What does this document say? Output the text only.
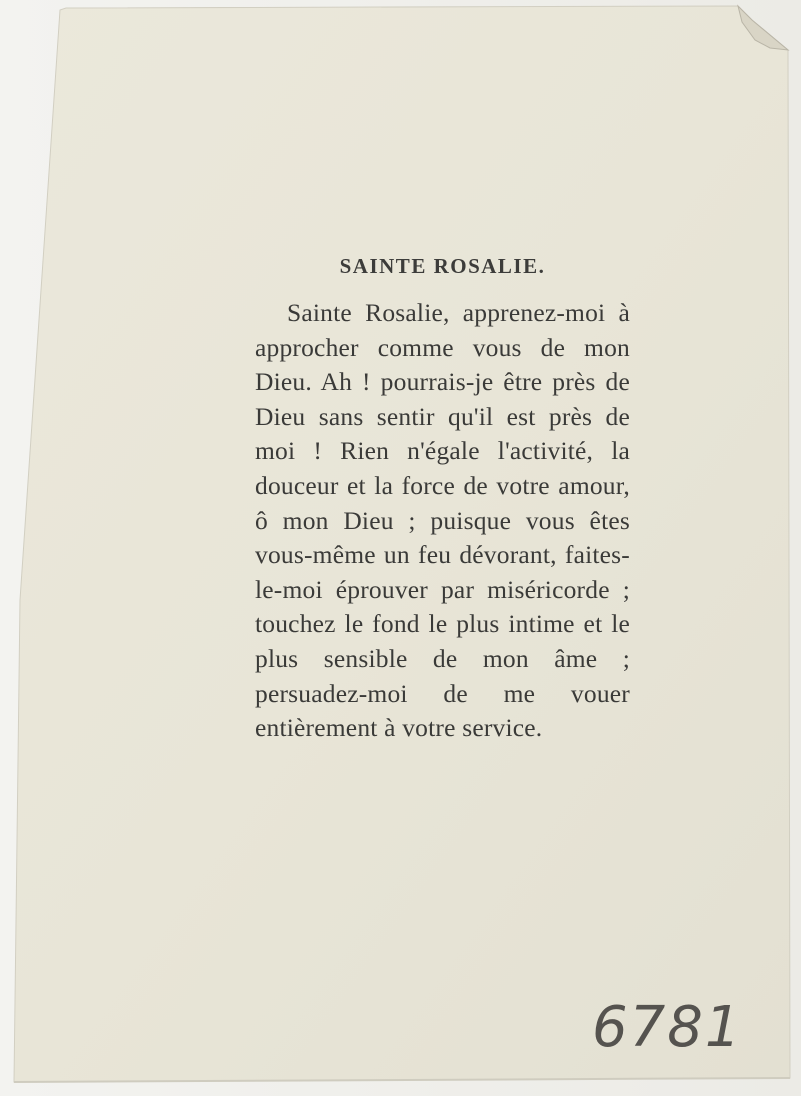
SAINTE ROSALIE.

Sainte Rosalie, apprenez-moi à approcher comme vous de mon Dieu. Ah ! pourrais-je être près de Dieu sans sentir qu'il est près de moi ! Rien n'égale l'activité, la douceur et la force de votre amour, ô mon Dieu ; puisque vous êtes vous-même un feu dévorant, faites-le-moi éprouver par miséricorde ; touchez le fond le plus intime et le plus sensible de mon âme ; persuadez-moi de me vouer entièrement à votre service.

6781
